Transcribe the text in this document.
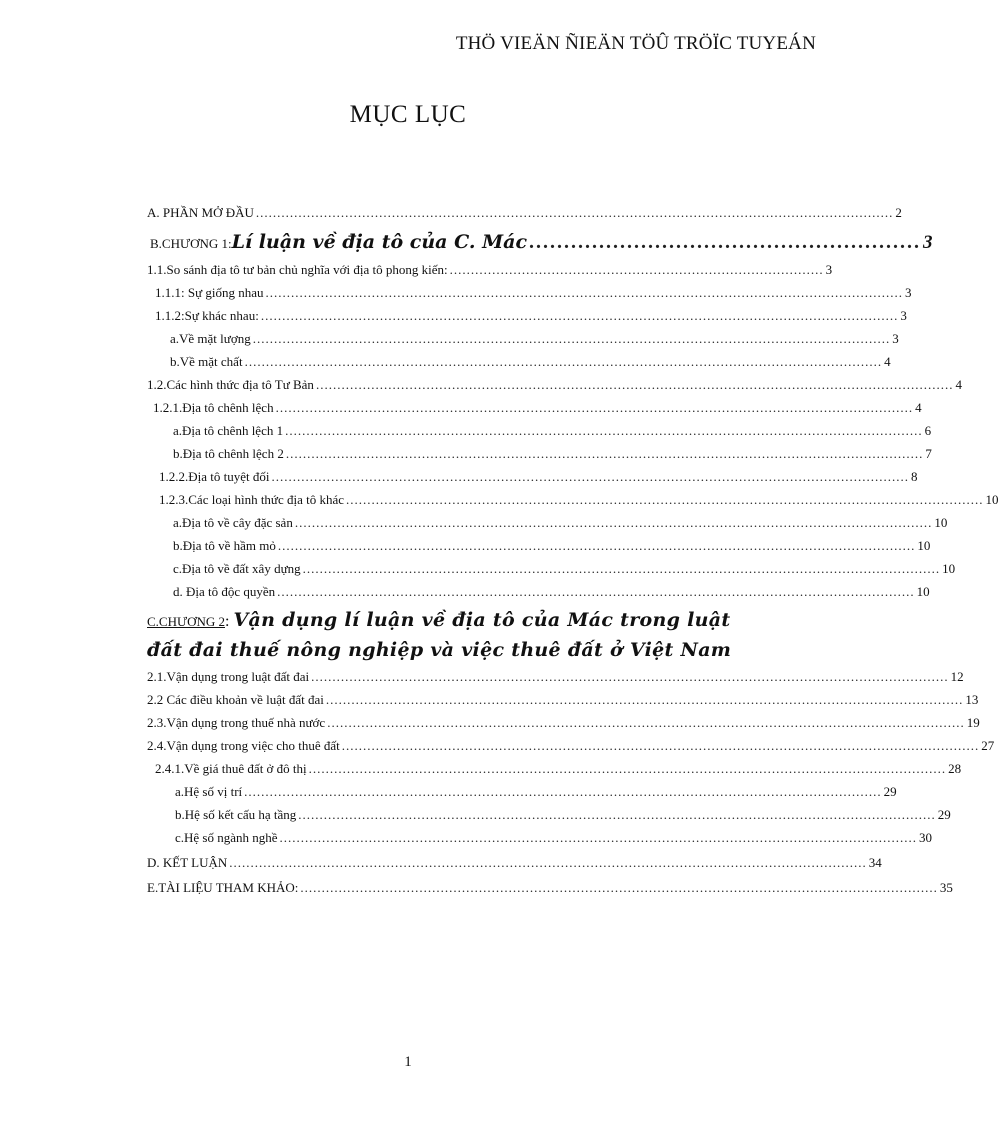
THÖ VIEÄN ÑIEÄN TÖÛ TRÖÏC TUYEÁN
MỤC LỤC
A. PHẦN MỞ ĐẦU ...................................................................................................................................................... 2
B.CHƯƠNG 1:Lí luận về địa tô của C. Mác ........................................................ 3
1.1.So sánh địa tô tư bản chủ nghĩa với địa tô phong kiến: ........................................................................................ 3
1.1.1: Sự giống nhau ...................................................................................................................................................... 3
1.1.2:Sự khác nhau: ...................................................................................................................................................... 3
a.Về mặt lượng ...................................................................................................................................................... 3
b.Về mặt chất ...................................................................................................................................................... 4
1.2.Các hình thức địa tô Tư Bản ...................................................................................................................................................... 4
1.2.1.Địa tô chênh lệch ...................................................................................................................................................... 4
a.Địa tô chênh lệch 1 ...................................................................................................................................................... 6
b.Địa tô chênh lệch 2 ...................................................................................................................................................... 7
1.2.2.Địa tô tuyệt đối ...................................................................................................................................................... 8
1.2.3.Các loại hình thức địa tô khác ...................................................................................................................................................... 10
a.Địa tô về cây đặc sản ...................................................................................................................................................... 10
b.Địa tô về hầm mỏ ...................................................................................................................................................... 10
c.Địa tô về đất xây dựng ...................................................................................................................................................... 10
d. Địa tô độc quyền ...................................................................................................................................................... 10
C.CHƯƠNG 2: Vận dụng lí luận về địa tô của Mác trong luật
đất đai thuế nông nghiệp và việc thuê đất ở Việt Nam
2.1.Vận dụng trong luật đất đai ...................................................................................................................................................... 12
2.2 Các điều khoản về luật đất đai ...................................................................................................................................................... 13
2.3.Vận dụng trong thuế nhà nước ...................................................................................................................................................... 19
2.4.Vận dụng trong việc cho thuê đất ...................................................................................................................................................... 27
2.4.1.Về giá thuê đất ở đô thị ...................................................................................................................................................... 28
a.Hệ số vị trí ...................................................................................................................................................... 29
b.Hệ số kết cấu hạ tầng ...................................................................................................................................................... 29
c.Hệ số ngành nghề ...................................................................................................................................................... 30
D. KẾT LUẬN ...................................................................................................................................................... 34
E.TÀI LIỆU THAM KHẢO: ...................................................................................................................................................... 35
1
